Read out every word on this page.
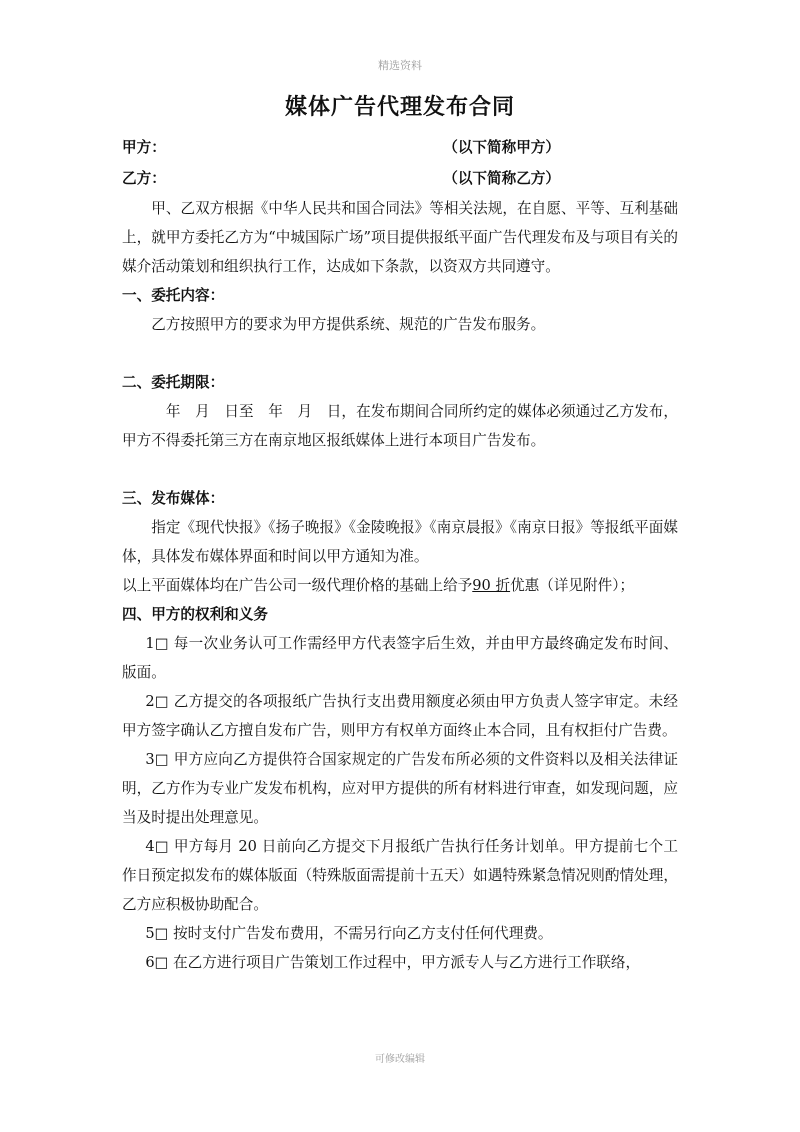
精选资料
媒体广告代理发布合同
甲方：	（以下简称甲方）
乙方：	（以下简称乙方）

甲、乙双方根据《中华人民共和国合同法》等相关法规，在自愿、平等、互利基础上，就甲方委托乙方为“中城国际广场”项目提供报纸平面广告代理发布及与项目有关的媒介活动策划和组织执行工作，达成如下条款，以资双方共同遵守。

一、委托内容：

乙方按照甲方的要求为甲方提供系统、规范的广告发布服务。

二、委托期限：

　年　月　日至　年　月　日，在发布期间合同所约定的媒体必须通过乙方发布，甲方不得委托第三方在南京地区报纸媒体上进行本项目广告发布。

三、发布媒体：

指定《现代快报》《扬子晚报》《金陵晚报》《南京晨报》《南京日报》等报纸平面媒体，具体发布媒体界面和时间以甲方通知为准。

以上平面媒体均在广告公司一级代理价格的基础上给予90 折优惠（详见附件）；

四、甲方的权利和义务

1□ 每一次业务认可工作需经甲方代表签字后生效，并由甲方最终确定发布时间、版面。

2□ 乙方提交的各项报纸广告执行支出费用额度必须由甲方负责人签字审定。未经甲方签字确认乙方擅自发布广告，则甲方有权单方面终止本合同，且有权拒付广告费。

3□ 甲方应向乙方提供符合国家规定的广告发布所必须的文件资料以及相关法律证明，乙方作为专业广发发布机构，应对甲方提供的所有材料进行审查，如发现问题，应当及时提出处理意见。

4□ 甲方每月 20 日前向乙方提交下月报纸广告执行任务计划单。甲方提前七个工作日预定拟发布的媒体版面（特殊版面需提前十五天）如遇特殊紧急情况则酌情处理，乙方应积极协助配合。

5□ 按时支付广告发布费用，不需另行向乙方支付任何代理费。

6□ 在乙方进行项目广告策划工作过程中，甲方派专人与乙方进行工作联络，

可修改编辑
